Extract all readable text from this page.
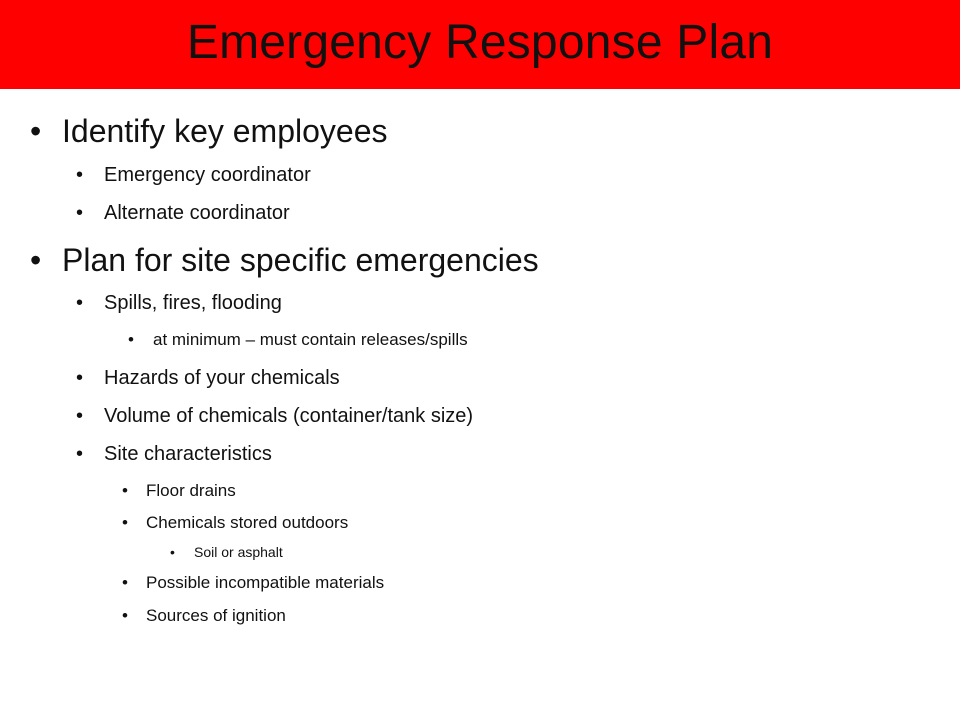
Emergency Response Plan
• Identify key employees
• Emergency coordinator
• Alternate coordinator
• Plan for site specific emergencies
• Spills, fires, flooding
• at minimum – must contain releases/spills
• Hazards of your chemicals
• Volume of chemicals (container/tank size)
• Site characteristics
• Floor drains
• Chemicals stored outdoors
• Soil or asphalt
• Possible incompatible materials
• Sources of ignition
